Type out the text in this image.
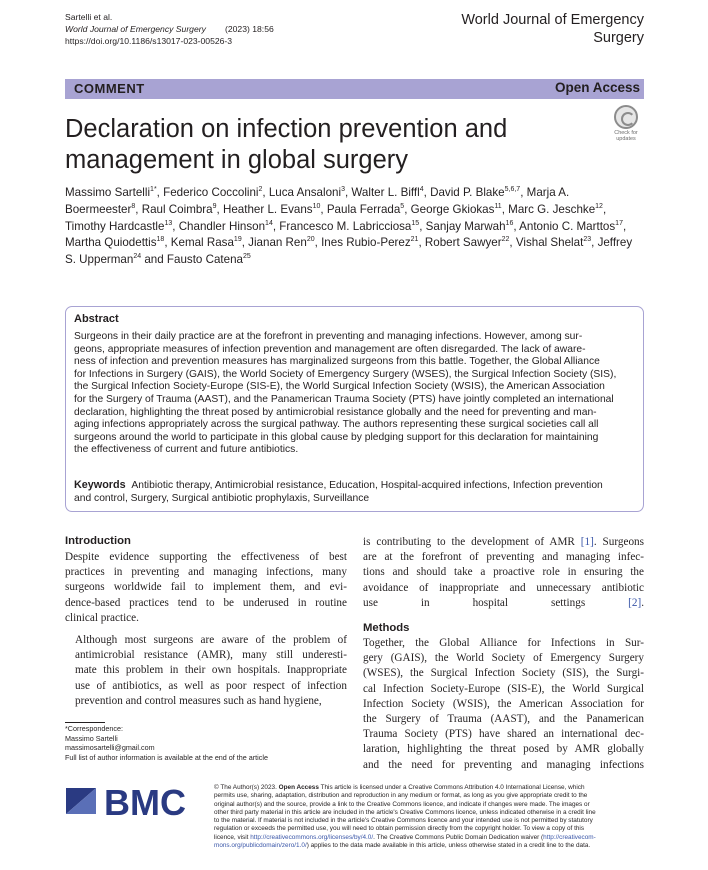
Sartelli et al.
World Journal of Emergency Surgery (2023) 18:56
https://doi.org/10.1186/s13017-023-00526-3
World Journal of Emergency Surgery
COMMENT	Open Access
Declaration on infection prevention and management in global surgery
Check for updates
Massimo Sartelli$^{1*}$, Federico Coccolini$^2$, Luca Ansaloni$^3$, Walter L. Biffl$^4$, David P. Blake$^{5,6,7}$, Marja A. Boermeester$^8$, Raul Coimbra$^9$, Heather L. Evans$^{10}$, Paula Ferrada$^5$, George Gkiokas$^{11}$, Marc G. Jeschke$^{12}$, Timothy Hardcastle$^{13}$, Chandler Hinson$^{14}$, Francesco M. Labricciosa$^{15}$, Sanjay Marwah$^{16}$, Antonio C. Marttos$^{17}$, Martha Quiodettis$^{18}$, Kemal Rasa$^{19}$, Jianan Ren$^{20}$, Ines Rubio-Perez$^{21}$, Robert Sawyer$^{22}$, Vishal Shelat$^{23}$, Jeffrey S. Upperman$^{24}$ and Fausto Catena$^{25}$
Abstract
Surgeons in their daily practice are at the forefront in preventing and managing infections. However, among sur-
geons, appropriate measures of infection prevention and management are often disregarded. The lack of aware-
ness of infection and prevention measures has marginalized surgeons from this battle. Together, the Global Alliance
for Infections in Surgery (GAIS), the World Society of Emergency Surgery (WSES), the Surgical Infection Society (SIS),
the Surgical Infection Society-Europe (SIS-E), the World Surgical Infection Society (WSIS), the American Association
for the Surgery of Trauma (AAST), and the Panamerican Trauma Society (PTS) have jointly completed an international
declaration, highlighting the threat posed by antimicrobial resistance globally and the need for preventing and man-
aging infections appropriately across the surgical pathway. The authors representing these surgical societies call all
surgeons around the world to participate in this global cause by pledging support for this declaration for maintaining
the effectiveness of current and future antibiotics.
Keywords Antibiotic therapy, Antimicrobial resistance, Education, Hospital-acquired infections, Infection prevention
and control, Surgery, Surgical antibiotic prophylaxis, Surveillance
Introduction

Despite evidence supporting the effectiveness of best
practices in preventing and managing infections, many
surgeons worldwide fail to implement them, and evi-
dence-based practices tend to be underused in routine
clinical practice.

Although most surgeons are aware of the problem of
antimicrobial resistance (AMR), many still underesti-
mate this problem in their own hospitals. Inappropriate
use of antibiotics, as well as poor respect of infection
prevention and control measures such as hand hygiene,

is contributing to the development of AMR [1]. Surgeons
are at the forefront of preventing and managing infec-
tions and should take a proactive role in ensuring the
avoidance of inappropriate and unnecessary antibiotic
use in hospital settings [2].
Methods
Together, the Global Alliance for Infections in Sur-
gery (GAIS), the World Society of Emergency Surgery
(WSES), the Surgical Infection Society (SIS), the Surgi-
cal Infection Society-Europe (SIS-E), the World Surgical
Infection Society (WSIS), the American Association for
the Surgery of Trauma (AAST), and the Panamerican
Trauma Society (PTS) have shared an international dec-
laration, highlighting the threat posed by AMR globally
and the need for preventing and managing infections
*Correspondence:
Massimo Sartelli
massimosartelli@gmail.com
Full list of author information is available at the end of the article
BMC	© The Author(s) 2023. Open Access This article is licensed under a Creative Commons Attribution 4.0 International License, which
permits use, sharing, adaptation, distribution and reproduction in any medium or format, as long as you give appropriate credit to the
original author(s) and the source, provide a link to the Creative Commons licence, and indicate if changes were made. The images or
other third party material in this article are included in the article's Creative Commons licence, unless indicated otherwise in a credit line
to the material. If material is not included in the article's Creative Commons licence and your intended use is not permitted by statutory
regulation or exceeds the permitted use, you will need to obtain permission directly from the copyright holder. To view a copy of this
licence, visit http://creativecommons.org/licenses/by/4.0/. The Creative Commons Public Domain Dedication waiver (http://creativecom-
mons.org/publicdomain/zero/1.0/) applies to the data made available in this article, unless otherwise stated in a credit line to the data.
